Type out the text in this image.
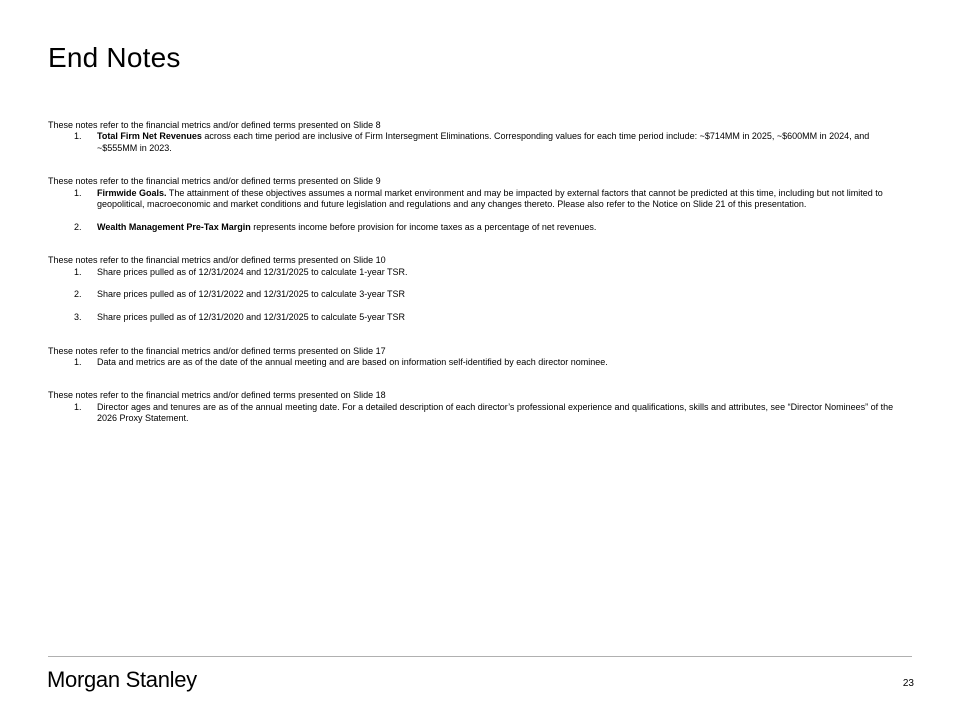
End Notes

These notes refer to the financial metrics and/or defined terms presented on Slide 8

1. Total Firm Net Revenues across each time period are inclusive of Firm Intersegment Eliminations. Corresponding values for each time period include: ~$714MM in 2025, ~$600MM in 2024, and ~$555MM in 2023.

These notes refer to the financial metrics and/or defined terms presented on Slide 9

1. Firmwide Goals. The attainment of these objectives assumes a normal market environment and may be impacted by external factors that cannot be predicted at this time, including but not limited to geopolitical, macroeconomic and market conditions and future legislation and regulations and any changes thereto. Please also refer to the Notice on Slide 21 of this presentation.
2. Wealth Management Pre-Tax Margin represents income before provision for income taxes as a percentage of net revenues.

These notes refer to the financial metrics and/or defined terms presented on Slide 10

1. Share prices pulled as of 12/31/2024 and 12/31/2025 to calculate 1-year TSR.
2. Share prices pulled as of 12/31/2022 and 12/31/2025 to calculate 3-year TSR
3. Share prices pulled as of 12/31/2020 and 12/31/2025 to calculate 5-year TSR

These notes refer to the financial metrics and/or defined terms presented on Slide 17

1. Data and metrics are as of the date of the annual meeting and are based on information self-identified by each director nominee.

These notes refer to the financial metrics and/or defined terms presented on Slide 18

1. Director ages and tenures are as of the annual meeting date. For a detailed description of each director’s professional experience and qualifications, skills and attributes, see “Director Nominees” of the 2026 Proxy Statement.
Morgan Stanley	23
